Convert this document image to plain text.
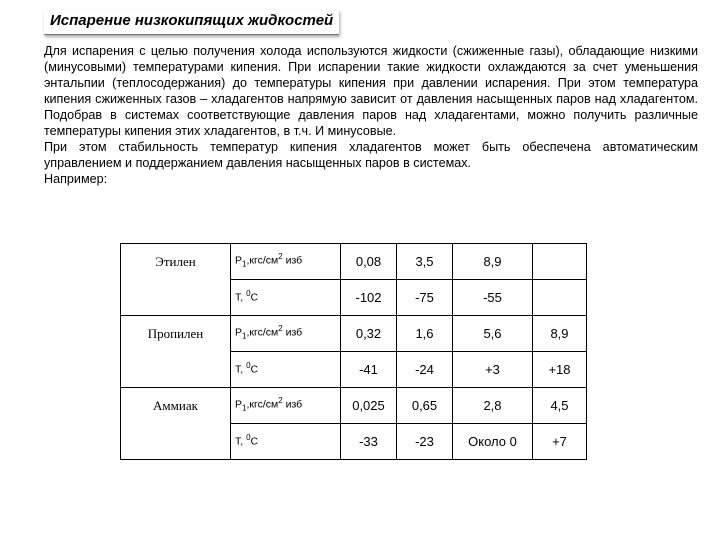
Испарение низкокипящих жидкостей

Для испарения с целью получения холода используются жидкости (сжиженные газы), обладающие низкими (минусовыми) температурами кипения. При испарении такие жидкости охлаждаются за счет уменьшения энтальпии (теплосодержания) до температуры кипения при давлении испарения. При этом температура кипения сжиженных газов – хладагентов напрямую зависит от давления насыщенных паров над хладагентом. Подобрав в системах соответствующие давления паров над хладагентами, можно получить различные температуры кипения этих хладагентов, в т.ч. И минусовые.

При этом стабильность температур кипения хладагентов может быть обеспечена автоматическим управлением и поддержанием давления насыщенных паров в системах.

Например:

Этилен	$P_1,кгс/см^2$ изб	0,08	3,5	8,9	
	T, $^0$С	-102	-75	-55	
Пропилен	$P_1,кгс/см^2$ изб	0,32	1,6	5,6	8,9
	T, $^0$С	-41	-24	+3	+18
Аммиак	$P_1,кгс/см^2$ изб	0,025	0,65	2,8	4,5
	T, $^0$С	-33	-23	Около 0	+7
